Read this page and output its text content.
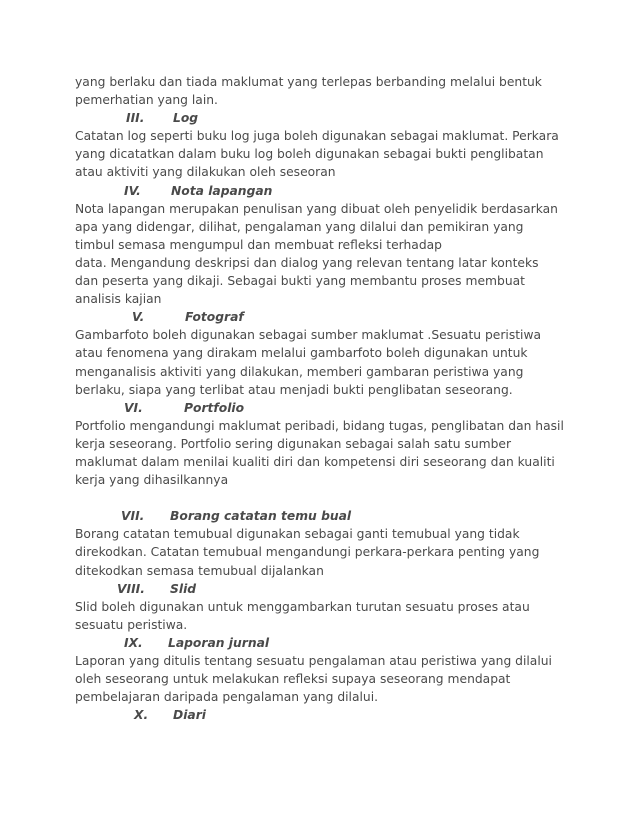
yang berlaku dan tiada maklumat yang terlepas berbanding melalui bentuk
pemerhatian yang lain.
III. Log
Catatan log seperti buku log juga boleh digunakan sebagai maklumat. Perkara
yang dicatatkan dalam buku log boleh digunakan sebagai bukti penglibatan
atau aktiviti yang dilakukan oleh seseoran
IV. Nota lapangan
Nota lapangan merupakan penulisan yang dibuat oleh penyelidik berdasarkan
apa yang didengar, dilihat, pengalaman yang dilalui dan pemikiran yang
timbul semasa mengumpul dan membuat refleksi terhadap
data. Mengandung deskripsi dan dialog yang relevan tentang latar konteks
dan peserta yang dikaji. Sebagai bukti yang membantu proses membuat
analisis kajian
V.	Fotograf
Gambarfoto boleh digunakan sebagai sumber maklumat .Sesuatu peristiwa
atau fenomena yang dirakam melalui gambarfoto boleh digunakan untuk
menganalisis aktiviti yang dilakukan, memberi gambaran peristiwa yang
berlaku, siapa yang terlibat atau menjadi bukti penglibatan seseorang.
VI.	Portfolio
Portfolio mengandungi maklumat peribadi, bidang tugas, penglibatan dan hasil
kerja seseorang. Portfolio sering digunakan sebagai salah satu sumber
maklumat dalam menilai kualiti diri dan kompetensi diri seseorang dan kualiti
kerja yang dihasilkannya
VII. Borang catatan temu bual
Borang catatan temubual digunakan sebagai ganti temubual yang tidak
direkodkan. Catatan temubual mengandungi perkara-perkara penting yang
ditekodkan semasa temubual dijalankan
VIII. Slid
Slid boleh digunakan untuk menggambarkan turutan sesuatu proses atau
sesuatu peristiwa.
IX. Laporan jurnal
Laporan yang ditulis tentang sesuatu pengalaman atau peristiwa yang dilalui
oleh seseorang untuk melakukan refleksi supaya seseorang mendapat
pembelajaran daripada pengalaman yang dilalui.
X. Diari
